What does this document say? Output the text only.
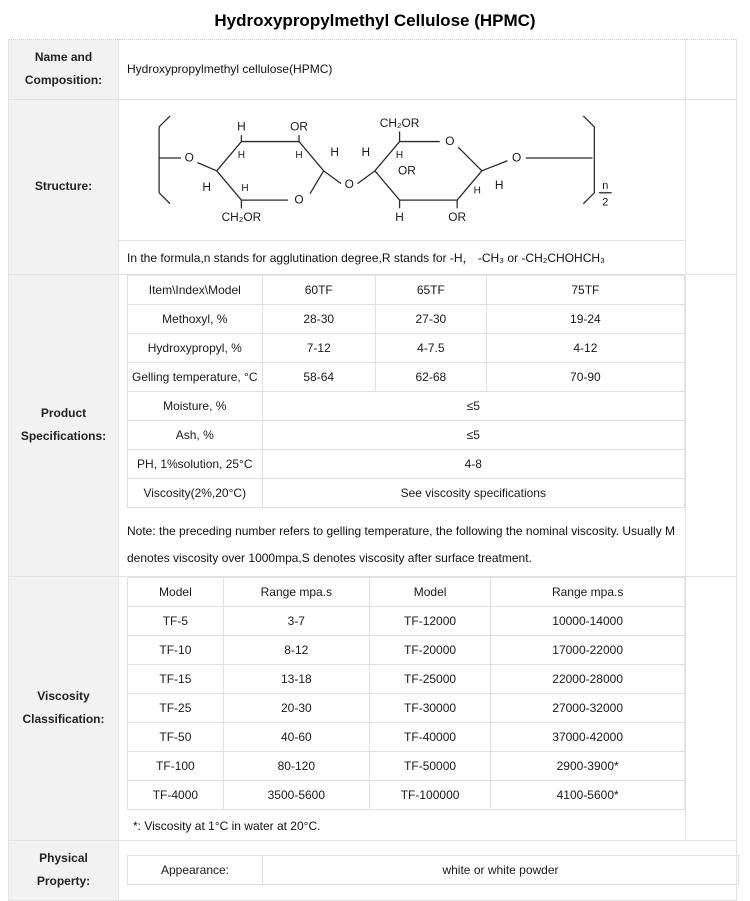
Hydroxypropylmethyl Cellulose (HPMC)
Name and Composition:	
Hydroxypropylmethyl cellulose(HPMC)

Structure:	
O
H	OR
H	H
H	H
CH₂OR
O
H
O
H
O
CH₂OR
H
OR
H
H	OR
H
O
n
2
In the formula,n stands for agglutination degree,R stands for -H， -CH₃ or -CH₂CHOHCH₃

Product Specifications:	
Item\Index\Model	60TF	65TF	75TF
Methoxyl, %	28-30	27-30	19-24
Hydroxypropyl, %	7-12	4-7.5	4-12
Gelling temperature, °C	58-64	62-68	70-90
Moisture, %	≤5
Ash, %	≤5
PH, 1%solution, 25°C	4-8
Viscosity(2%,20°C)	See viscosity specifications
Note: the preceding number refers to gelling temperature, the following the nominal viscosity. Usually M denotes viscosity over 1000mpa,S denotes viscosity after surface treatment.

Viscosity Classification:	
Model	Range mpa.s	Model	Range mpa.s
TF-5	3-7	TF-12000	10000-14000
TF-10	8-12	TF-20000	17000-22000
TF-15	13-18	TF-25000	22000-28000
TF-25	20-30	TF-30000	27000-32000
TF-50	40-60	TF-40000	37000-42000
TF-100	80-120	TF-50000	2900-3900*
TF-4000	3500-5600	TF-100000	4100-5600*
*: Viscosity at 1°C in water at 20°C.

Physical Property:	
Appearance:	white or white powder
